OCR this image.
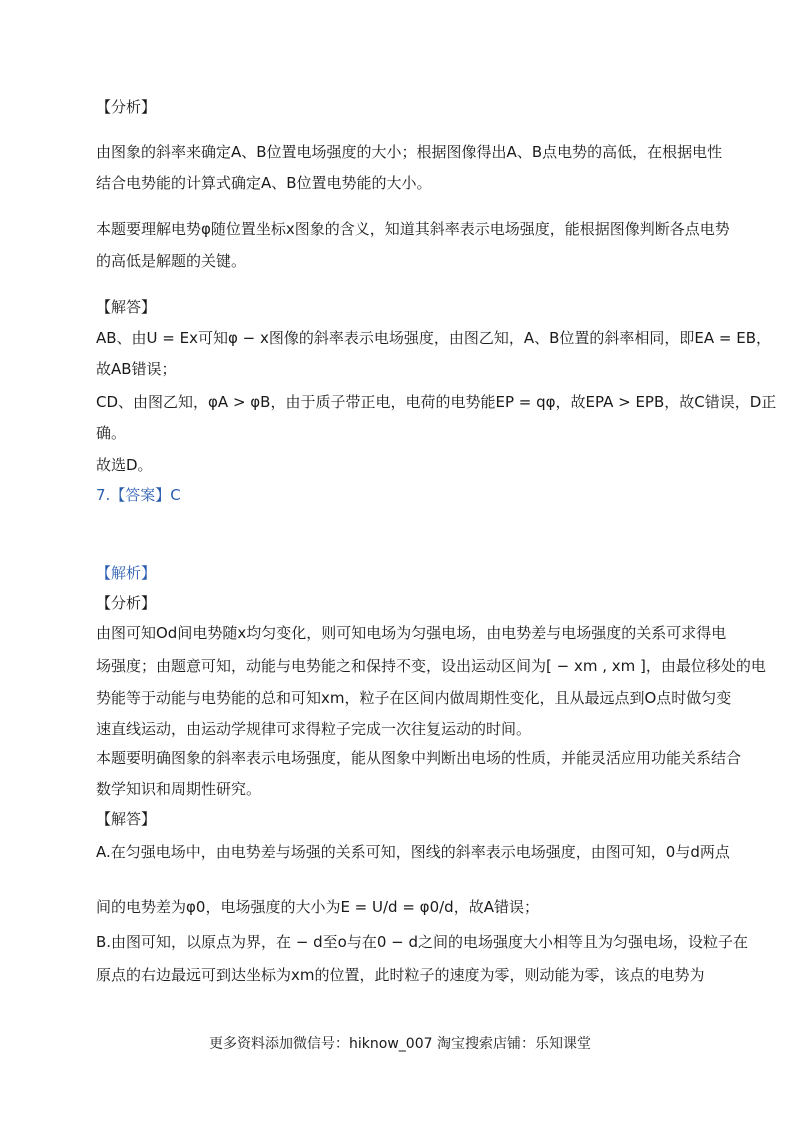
【分析】
由图象的斜率来确定A、B位置电场强度的大小；根据图像得出A、B点电势的高低，在根据电性
结合电势能的计算式确定A、B位置电势能的大小。
本题要理解电势φ随位置坐标x图象的含义，知道其斜率表示电场强度，能根据图像判断各点电势
的高低是解题的关键。
【解答】
AB、由U = Ex可知φ − x图像的斜率表示电场强度，由图乙知，A、B位置的斜率相同，即EA = EB，
故AB错误；
CD、由图乙知，φA > φB，由于质子带正电，电荷的电势能EP = qφ，故EPA > EPB，故C错误，D正
确。
故选D。
7.【答案】C
【解析】
【分析】
由图可知Od间电势随x均匀变化，则可知电场为匀强电场，由电势差与电场强度的关系可求得电
场强度；由题意可知，动能与电势能之和保持不变，设出运动区间为[ − xm , xm ]，由最位移处的电
势能等于动能与电势能的总和可知xm，粒子在区间内做周期性变化，且从最远点到O点时做匀变
速直线运动，由运动学规律可求得粒子完成一次往复运动的时间。
本题要明确图象的斜率表示电场强度，能从图象中判断出电场的性质，并能灵活应用功能关系结合
数学知识和周期性研究。
【解答】
A.在匀强电场中，由电势差与场强的关系可知，图线的斜率表示电场强度，由图可知，0与d两点
间的电势差为φ0，电场强度的大小为E = U/d = φ0/d，故A错误；
B.由图可知，以原点为界，在 − d至o与在0 − d之间的电场强度大小相等且为匀强电场，设粒子在
原点的右边最远可到达坐标为xm的位置，此时粒子的速度为零，则动能为零，该点的电势为
更多资料添加微信号：hiknow_007 淘宝搜索店铺：乐知课堂
